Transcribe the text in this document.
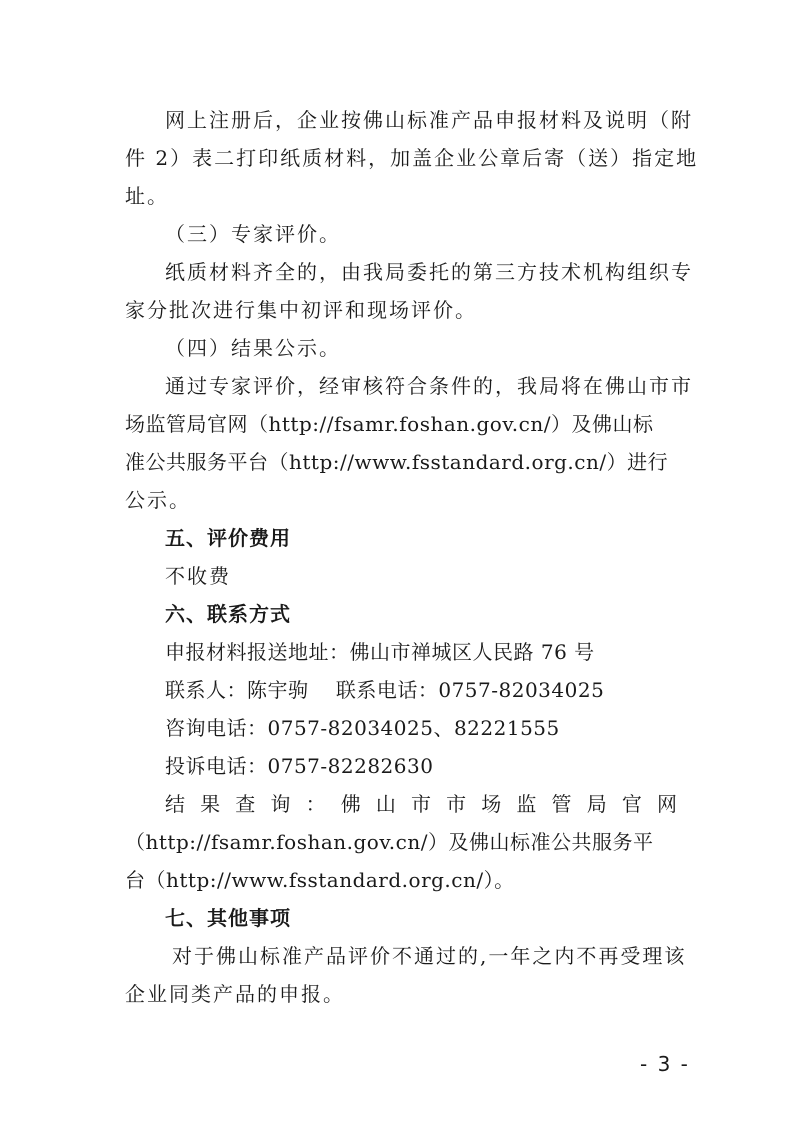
网上注册后，企业按佛山标准产品申报材料及说明（附
件 2）表二打印纸质材料，加盖企业公章后寄（送）指定地
址。
（三）专家评价。
纸质材料齐全的，由我局委托的第三方技术机构组织专
家分批次进行集中初评和现场评价。
（四）结果公示。
通过专家评价，经审核符合条件的，我局将在佛山市市
场监管局官网（http://fsamr.foshan.gov.cn/）及佛山标
准公共服务平台（http://www.fsstandard.org.cn/）进行
公示。
五、评价费用
不收费
六、联系方式
申报材料报送地址：佛山市禅城区人民路 76 号
联系人：陈宇驹　 联系电话：0757-82034025
咨询电话：0757-82034025、82221555
投诉电话：0757-82282630
结 果 查 询 ： 佛 山 市 市 场 监 管 局 官 网
（http://fsamr.foshan.gov.cn/）及佛山标准公共服务平
台（http://www.fsstandard.org.cn/）。
七、其他事项
对于佛山标准产品评价不通过的,一年之内不再受理该
企业同类产品的申报。
- 3 -
